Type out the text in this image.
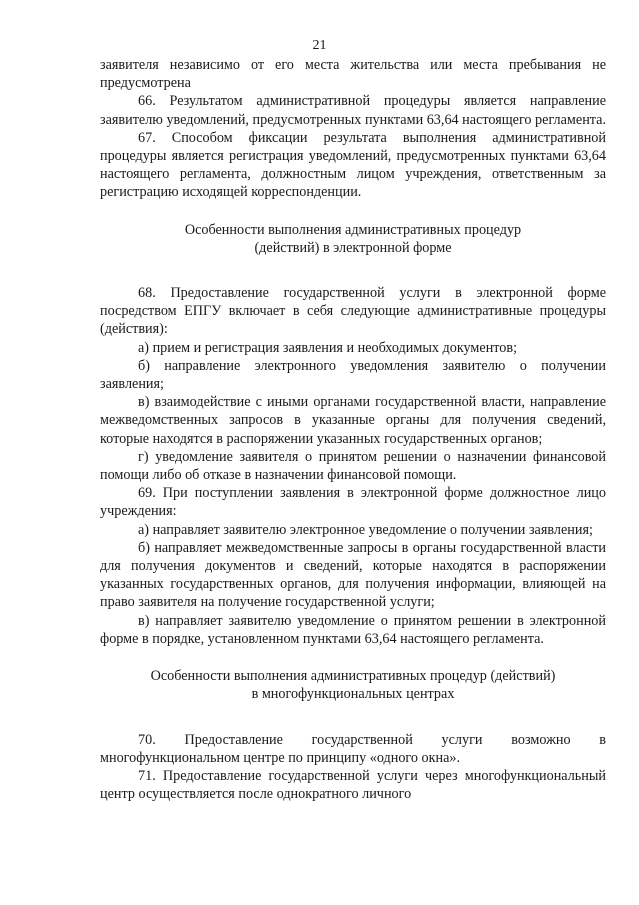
21

заявителя независимо от его места жительства или места пребывания не предусмотрена

66. Результатом административной процедуры является направление заявителю уведомлений, предусмотренных пунктами 63,64 настоящего регламента.

67. Способом фиксации результата выполнения административной процедуры является регистрация уведомлений, предусмотренных пунктами 63,64 настоящего регламента, должностным лицом учреждения, ответственным за регистрацию исходящей корреспонденции.

Особенности выполнения административных процедур
(действий) в электронной форме

68. Предоставление государственной услуги в электронной форме посредством ЕПГУ включает в себя следующие административные процедуры (действия):

а) прием и регистрация заявления и необходимых документов;

б) направление электронного уведомления заявителю о получении заявления;

в) взаимодействие с иными органами государственной власти, направление межведомственных запросов в указанные органы для получения сведений, которые находятся в распоряжении указанных государственных органов;

г) уведомление заявителя о принятом решении о назначении финансовой помощи либо об отказе в назначении финансовой помощи.

69. При поступлении заявления в электронной форме должностное лицо учреждения:

а) направляет заявителю электронное уведомление о получении заявления;

б) направляет межведомственные запросы в органы государственной власти для получения документов и сведений, которые находятся в распоряжении указанных государственных органов, для получения информации, влияющей на право заявителя на получение государственной услуги;

в) направляет заявителю уведомление о принятом решении в электронной форме в порядке, установленном пунктами 63,64 настоящего регламента.

Особенности выполнения административных процедур (действий)
в многофункциональных центрах

70. Предоставление государственной услуги возможно в многофункциональном центре по принципу «одного окна».

71. Предоставление государственной услуги через многофункциональный центр осуществляется после однократного личного
